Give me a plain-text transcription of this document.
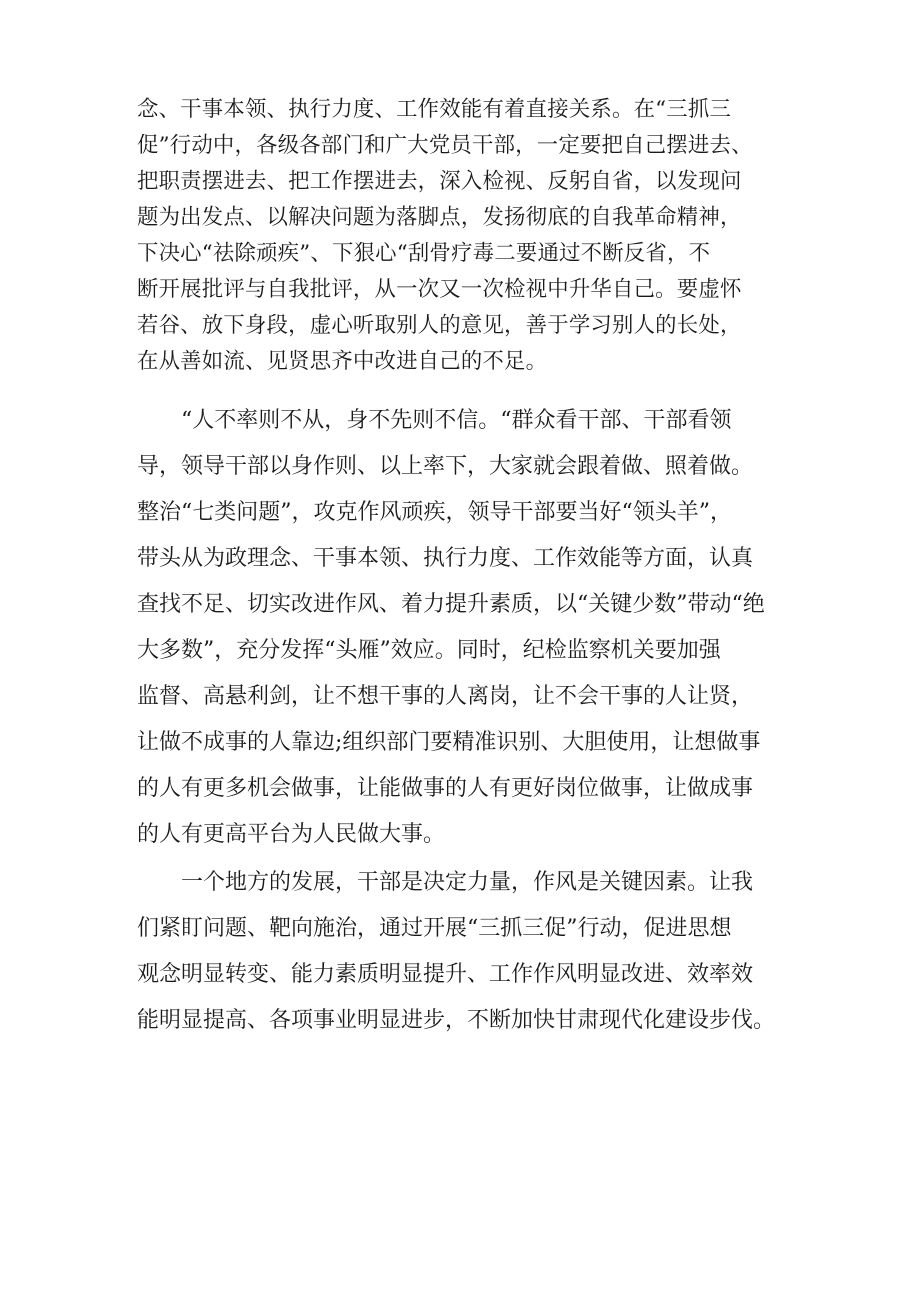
念、干事本领、执行力度、工作效能有着直接关系。在“三抓三
促”行动中，各级各部门和广大党员干部，一定要把自己摆进去、
把职责摆进去、把工作摆进去，深入检视、反躬自省，以发现问
题为出发点、以解决问题为落脚点，发扬彻底的自我革命精神，
下决心“祛除顽疾”、下狠心“刮骨疗毒二要通过不断反省，不
断开展批评与自我批评，从一次又一次检视中升华自己。要虚怀
若谷、放下身段，虚心听取别人的意见，善于学习别人的长处，
在从善如流、见贤思齐中改进自己的不足。
“人不率则不从，身不先则不信。“群众看干部、干部看领
导，领导干部以身作则、以上率下，大家就会跟着做、照着做。
整治“七类问题”，攻克作风顽疾，领导干部要当好“领头羊”，
带头从为政理念、干事本领、执行力度、工作效能等方面，认真
查找不足、切实改进作风、着力提升素质，以“关键少数”带动“绝
大多数”，充分发挥“头雁”效应。同时，纪检监察机关要加强
监督、高悬利剑，让不想干事的人离岗，让不会干事的人让贤，
让做不成事的人靠边;组织部门要精准识别、大胆使用，让想做事
的人有更多机会做事，让能做事的人有更好岗位做事，让做成事
的人有更高平台为人民做大事。
一个地方的发展，干部是决定力量，作风是关键因素。让我
们紧盯问题、靶向施治，通过开展“三抓三促”行动，促进思想
观念明显转变、能力素质明显提升、工作作风明显改进、效率效
能明显提高、各项事业明显进步，不断加快甘肃现代化建设步伐。
